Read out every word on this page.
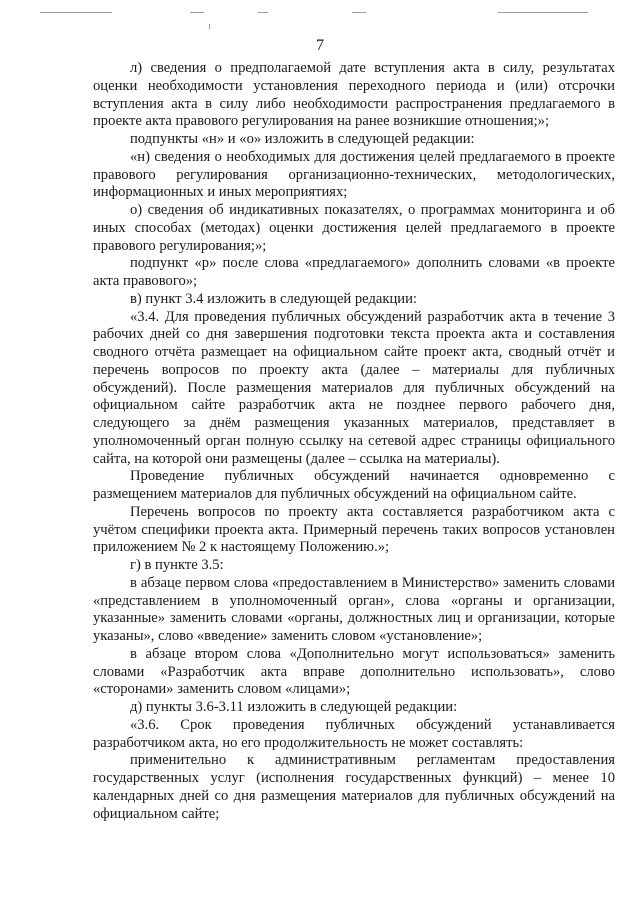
7

л) сведения о предполагаемой дате вступления акта в силу, результатах оценки необходимости установления переходного периода и (или) отсрочки вступления акта в силу либо необходимости распространения предлагаемого в проекте акта правового регулирования на ранее возникшие отношения;»;

подпункты «н» и «о» изложить в следующей редакции:

«н) сведения о необходимых для достижения целей предлагаемого в проекте правового регулирования организационно-технических, методологических, информационных и иных мероприятиях;

о) сведения об индикативных показателях, о программах мониторинга и об иных способах (методах) оценки достижения целей предлагаемого в проекте правового регулирования;»;

подпункт «р» после слова «предлагаемого» дополнить словами «в проекте акта правового»;

в) пункт 3.4 изложить в следующей редакции:

«3.4. Для проведения публичных обсуждений разработчик акта в течение 3 рабочих дней со дня завершения подготовки текста проекта акта и составления сводного отчёта размещает на официальном сайте проект акта, сводный отчёт и перечень вопросов по проекту акта (далее – материалы для публичных обсуждений). После размещения материалов для публичных обсуждений на официальном сайте разработчик акта не позднее первого рабочего дня, следующего за днём размещения указанных материалов, представляет в уполномоченный орган полную ссылку на сетевой адрес страницы официального сайта, на которой они размещены (далее – ссылка на материалы).

Проведение публичных обсуждений начинается одновременно с размещением материалов для публичных обсуждений на официальном сайте.

Перечень вопросов по проекту акта составляется разработчиком акта с учётом специфики проекта акта. Примерный перечень таких вопросов установлен приложением № 2 к настоящему Положению.»;

г) в пункте 3.5:

в абзаце первом слова «предоставлением в Министерство» заменить словами «представлением в уполномоченный орган», слова «органы и организации, указанные» заменить словами «органы, должностных лиц и организации, которые указаны», слово «введение» заменить словом «установление»;

в абзаце втором слова «Дополнительно могут использоваться» заменить словами «Разработчик акта вправе дополнительно использовать», слово «сторонами» заменить словом «лицами»;

д) пункты 3.6-3.11 изложить в следующей редакции:

«3.6. Срок проведения публичных обсуждений устанавливается разработчиком акта, но его продолжительность не может составлять:

применительно к административным регламентам предоставления государственных услуг (исполнения государственных функций) – менее 10 календарных дней со дня размещения материалов для публичных обсуждений на официальном сайте;
